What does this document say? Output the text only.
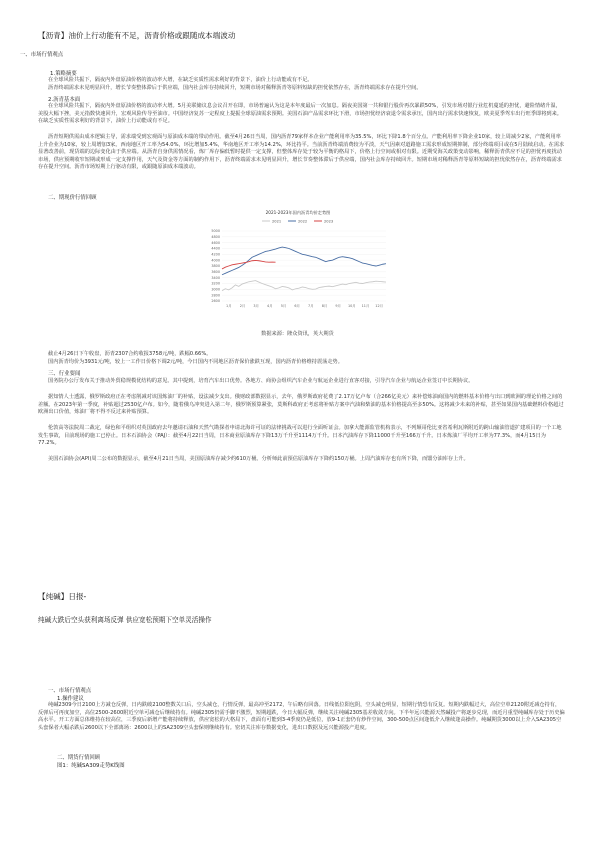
【沥青】油价上行动能有不足，沥青价格或跟随成本端波动
一、市场行情观点
1.策略摘要
在全球风险共振下，隔夜内外盘原油价格的波动率大增，在缺乏实质性需求利好的背景下，油价上行动能或有不足。
沥青终端需求未见明显回升，增长节奏整体滞后于供应端，国内社会库存持续回升，短期市场对稀释沥青等原料短缺的担忧依然存在，沥青终端需求存在提升空间。
2.沥青基本面
在全球风险共振下，隔夜内外盘原油价格的波动率大增。5月美联储议息会议召开在即，市场普遍认为这是本年度最后一次加息。隔夜美国第一共和银行股价再次暴跌50%，引发市场对银行业危机蔓延的担忧，避险情绪升温，美股大幅下挫，美元指数快速回升，宏观风险传导至油市。中国经济复苏一定程度上提振全球原油需求预期。美国石油产品需求环比下滑，市场担忧经济衰退令需求承压，国内出行需求快速恢复，欧美夏季驾车出行旺季即将到来。在缺乏实质性需求利好的背景下，油价上行动能或有不足。
沥青短期供需由成本逻辑主导，需求端受到宏观面与原油成本端的带动作用。截至4月26日当周，国内沥青79家样本企业产能利用率为35.5%，环比下降1.8个百分点。产能利用率下降企业10家，较上周减少2家，产能利用率上升企业为10家，较上周增加3家。西南地区开工率为54.0%，环比增加5.4%，华南地区开工率为14.2%，环比持平。当前沥青终端消费较为平淡，天气因素对道路施工需求形成短期抑制，部分终端项目或在5月陆续启动。在需求显著改善前，现货端的边际变化由于供应端。从沥青自身供需情况看，炼厂库存偏低暂时提供一定支撑，但整体库存处于较为平衡的格局下，价格上行空间或相对有限。近期受海关政策变动影响，稀释沥青供应不足的担忧再度扰动市场，供应预期收窄短期或形成一定支撑作用，天气及资金等方面的制约作用下，沥青终端需求未见明显回升，增长节奏整体滞后于供应端，国内社会库存持续回升。短期市场对稀释沥青等原料短缺的担忧依然存在，沥青终端需求存在提升空间。沥青市场短期上行驱动有限，或跟随原油成本端波动。
二、期现价行情回顾
2021-2023年国内沥青均价走势图
2021	2022	2023
5000
4800
4600
4400
4200
4000
3800
3600
3400
3200
3000
2800
2600
1月 2月 3月 4月 5月 6月 7月 8月 9月 10月 11月 12月
数据来源：隆众资讯，英大期货
截止4月26日下午收盘，沥青2307合约收报3758元/吨，跌幅0.66%。
国内沥青均价为3931元/吨，较上一工作日价格下调2元/吨，今日国内不同地区沥青保价涨跌互现，国内沥青价格维持震荡走势。
三、行业要闻
国务院办公厅发布关于推动外贸稳规模优结构的意见。其中提到，培育汽车出口优势。各地方、商协会组织汽车企业与航运企业进行直客对接，引导汽车企业与航运企业签订中长期协议。
据知情人士透露，俄罗斯政府正在考虑削减对该国炼油厂的补贴，设法减少支出。俄财政部数据显示，去年，俄罗斯政府花费了2.17万亿卢布（合266亿美元）来补偿炼油商国内的燃料基本价格与出口到欧洲的理论价格之间的差额。在2023年第一季度，补贴超过2530亿卢布。如今，随着俄乌冲突进入第二年，俄罗斯预算紧张，莫斯科政府正考虑将补贴方案中汽油和柴油的基本价格提高至多50%。这将减少未来的补贴，甚至如果国内基础燃料价格超过欧洲出口价值，炼油厂将不得不反过来补贴预算。
伦敦高等法院周二裁定，绿色和平组织对英国政府去年邀请石油和天然气勘探者申请北海许可证的法律挑战可以进行全面听证会。加拿大能源监管机构表示，不列颠哥伦比亚省希利瓦斯附近的跨山输油管道扩建项目的一个工地发生事故，目前现场的施工已停止。日本石油协会（PAJ）：截至4月22日当周，日本商业原油库存下降13万千升至1114万千升。日本汽油库存下降11000千升至166万千升。日本炼油厂平均开工率为77.3%，而4月15日为77.2%。
美国石油协会(API)周二公布的数据显示，截至4月21日当周，美国原油库存减少约610万桶。分析师此前预估原油库存下降约150万桶。上周汽油库存也有所下降，而馏分油库存上升。
【纯碱】日报-
纯碱大跌后空头获利离场反弹 供应宽松预期下空单灵活操作
一、市场行情观点
1.操作建议
纯碱2309今日2100上方减仓反弹，日内跌破2100整数关口后，空头减仓，行情反弹，最高冲至2172，午后略有回落。日线低位阳包阴，空头减仓明显，短期行情恐有反复。短期内跌幅过大，高位空单2120附近减仓持有，反弹后可再度加空，高位2500-2600附近空单可减仓后继续持有。纯碱2305仍需手脚不激烈，短期超跌，今日大幅反弹，继续关注纯碱2305基差收敛方向。下半年远兴能源天然碱投产将逐步兑现，而近月重型纯碱库存处于历史偏高水平。开工方面总体维持在较高位，三季度后新增产能将持续释放，供应宽松的大格局下，盘面有可能到3-4季度仍是低位，放9-1正套仍有炒作空间，300-500点区间逢低介入继续逢高操作。纯碱期货3000以上介入SA2305空头套保者大幅杀跌后2600以下全部离场：2600以上的SA2309空头套保则继续持有。密切关注库存数据变化，进出口数据及远兴能源投产进度。
二、期货行情回顾
图1：纯碱SA309走势K线图
